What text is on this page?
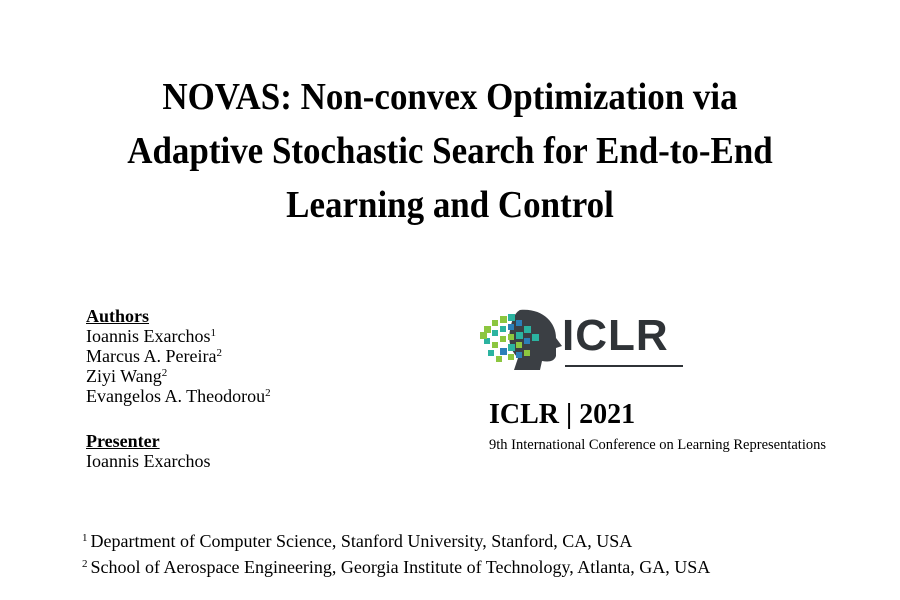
NOVAS: Non-convex Optimization via
Adaptive Stochastic Search for End-to-End
Learning and Control
Authors
Ioannis Exarchos$^1$
Marcus A. Pereira$^2$
Ziyi Wang$^2$
Evangelos A. Theodorou$^2$
Presenter
Ioannis Exarchos
ICLR
ICLR | 2021
9th International Conference on Learning Representations
$^1$ Department of Computer Science, Stanford University, Stanford, CA, USA
$^2$ School of Aerospace Engineering, Georgia Institute of Technology, Atlanta, GA, USA
